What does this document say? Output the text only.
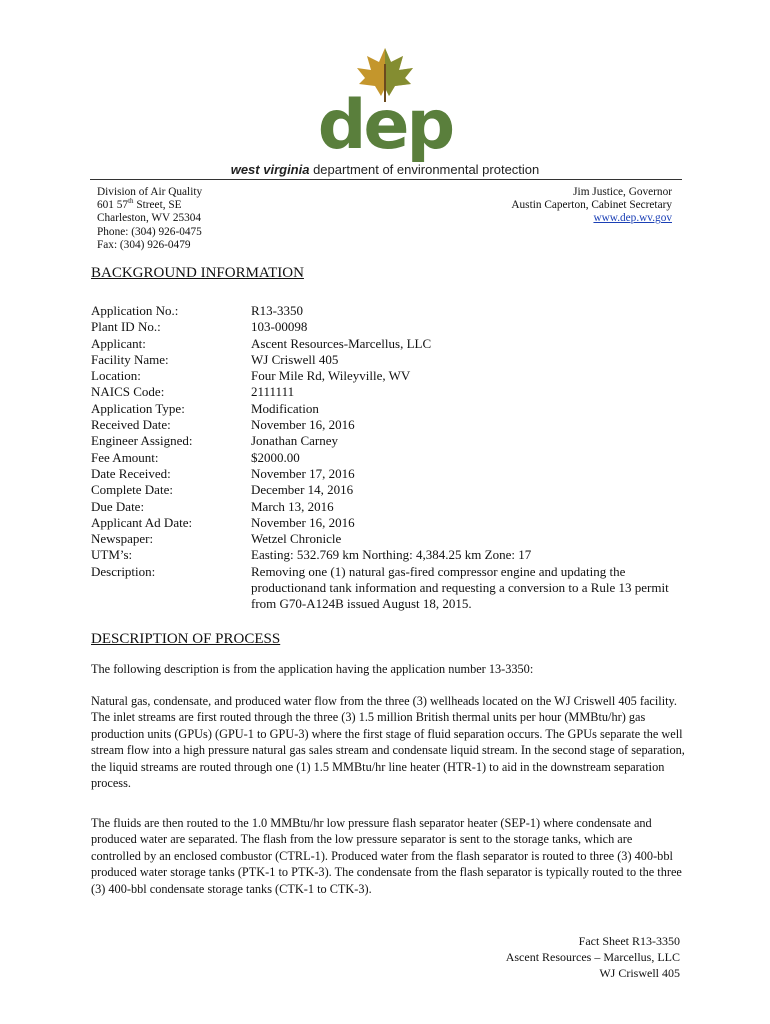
dep
west virginia department of environmental protection
Division of Air Quality
601 57th Street, SE
Charleston, WV 25304
Phone: (304) 926-0475
Fax: (304) 926-0479
Jim Justice, Governor
Austin Caperton, Cabinet Secretary
www.dep.wv.gov
BACKGROUND INFORMATION
Application No.:	R13-3350
Plant ID No.:	103-00098
Applicant:	Ascent Resources-Marcellus, LLC
Facility Name:	WJ Criswell 405
Location:	Four Mile Rd, Wileyville, WV
NAICS Code:	2111111
Application Type:	Modification
Received Date:	November 16, 2016
Engineer Assigned:	Jonathan Carney
Fee Amount:	$2000.00
Date Received:	November 17, 2016
Complete Date:	December 14, 2016
Due Date:	March 13, 2016
Applicant Ad Date:	November 16, 2016
Newspaper:	Wetzel Chronicle
UTM’s:	Easting: 532.769 km Northing: 4,384.25 km Zone: 17
Description:	Removing one (1) natural gas-fired compressor engine and updating the productionand tank information and requesting a conversion to a Rule 13 permit from G70-A124B issued August 18, 2015.
DESCRIPTION OF PROCESS
The following description is from the application having the application number 13-3350:
Natural gas, condensate, and produced water flow from the three (3) wellheads located on the WJ Criswell 405 facility. The inlet streams are first routed through the three (3) 1.5 million British thermal units per hour (MMBtu/hr) gas production units (GPUs) (GPU-1 to GPU-3) where the first stage of fluid separation occurs. The GPUs separate the well stream flow into a high pressure natural gas sales stream and condensate liquid stream. In the second stage of separation, the liquid streams are routed through one (1) 1.5 MMBtu/hr line heater (HTR-1) to aid in the downstream separation process.
The fluids are then routed to the 1.0 MMBtu/hr low pressure flash separator heater (SEP-1) where condensate and produced water are separated. The flash from the low pressure separator is sent to the storage tanks, which are controlled by an enclosed combustor (CTRL-1). Produced water from the flash separator is routed to three (3) 400-bbl produced water storage tanks (PTK-1 to PTK-3). The condensate from the flash separator is typically routed to the three (3) 400-bbl condensate storage tanks (CTK-1 to CTK-3).
Fact Sheet R13-3350
Ascent Resources – Marcellus, LLC
WJ Criswell 405
